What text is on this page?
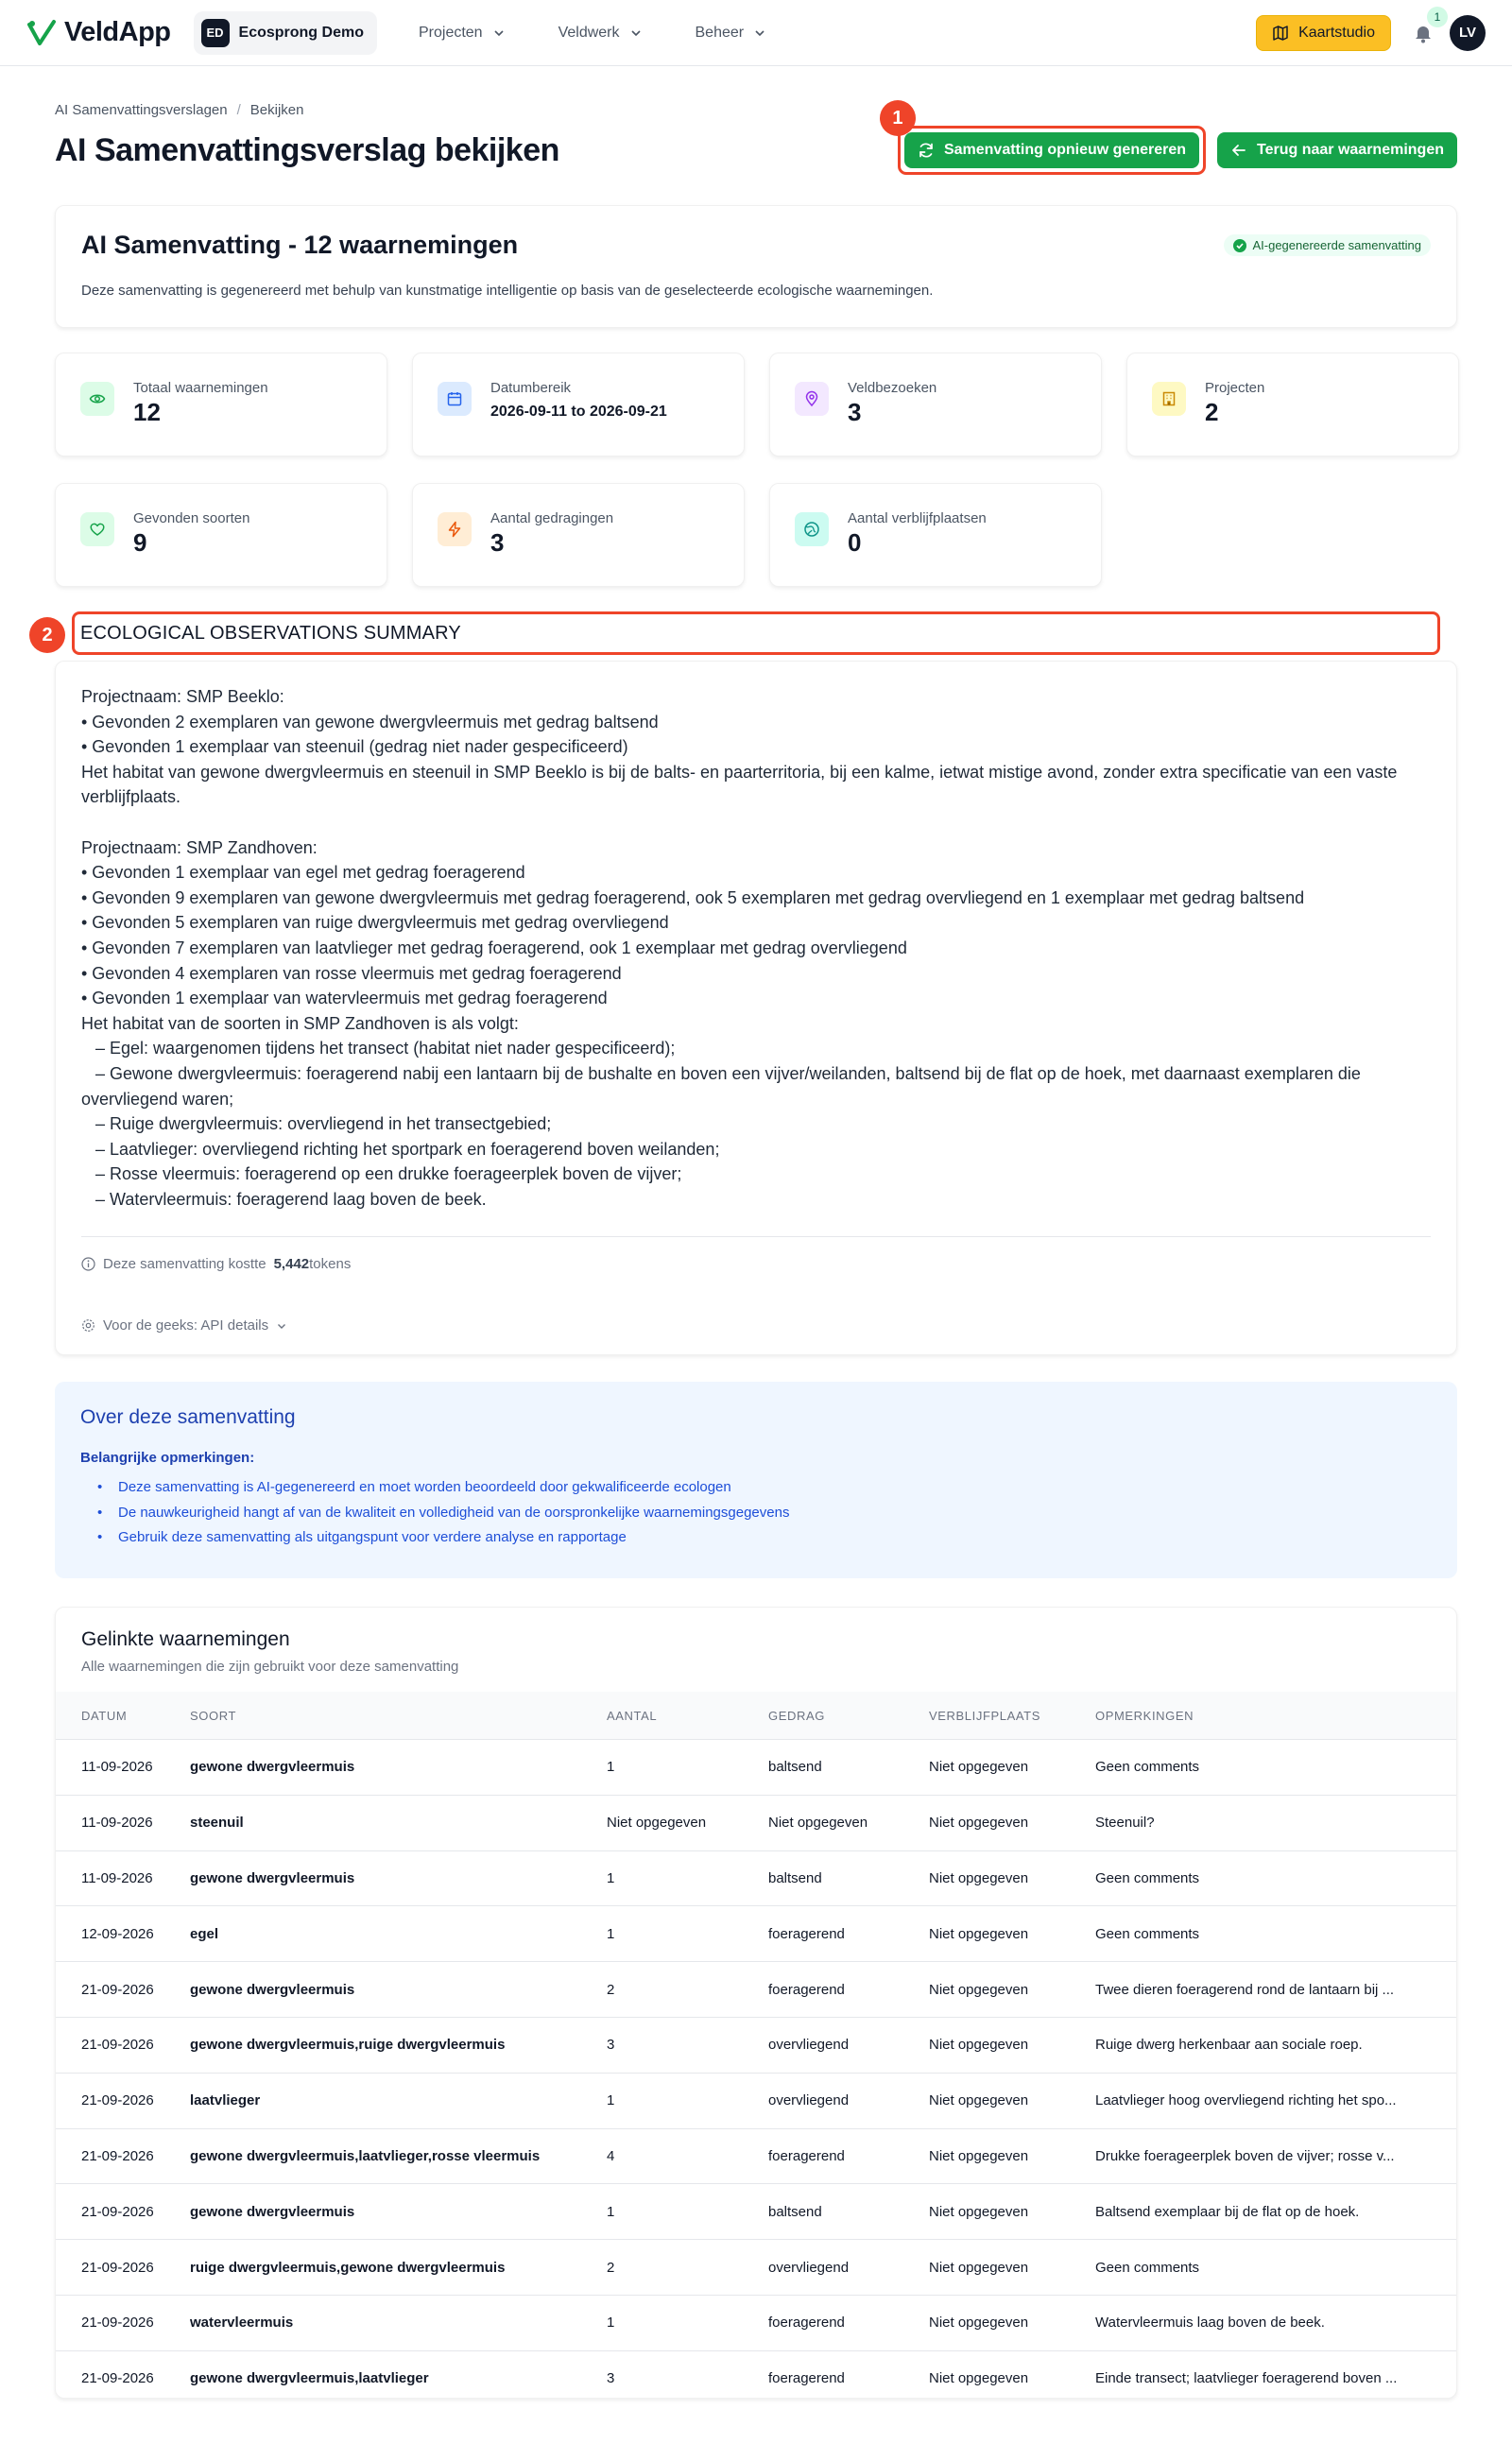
VeldApp	ED Ecosprong Demo	Projecten	Veldwerk	Beheer	Kaartstudio
1
LV
AI Samenvattingsverslagen / Bekijken
AI Samenvattingsverslag bekijken
1
Samenvatting opnieuw genereren	Terug naar waarnemingen
AI Samenvatting - 12 waarnemingen	AI-gegenereerde samenvatting

Deze samenvatting is gegenereerd met behulp van kunstmatige intelligentie op basis van de geselecteerde ecologische waarnemingen.

Totaal waarnemingen
12
Datumbereik
2026-09-11 to 2026-09-21
Veldbezoeken
3
Projecten
2
Gevonden soorten
9
Aantal gedragingen
3
Aantal verblijfplaatsen
0
2	ECOLOGICAL OBSERVATIONS SUMMARY
Projectnaam: SMP Beeklo:
• Gevonden 2 exemplaren van gewone dwergvleermuis met gedrag baltsend
• Gevonden 1 exemplaar van steenuil (gedrag niet nader gespecificeerd)
Het habitat van gewone dwergvleermuis en steenuil in SMP Beeklo is bij de balts- en paarterritoria, bij een kalme, ietwat mistige avond, zonder extra specificatie van een vaste verblijfplaats.
Projectnaam: SMP Zandhoven:
• Gevonden 1 exemplaar van egel met gedrag foeragerend
• Gevonden 9 exemplaren van gewone dwergvleermuis met gedrag foeragerend, ook 5 exemplaren met gedrag overvliegend en 1 exemplaar met gedrag baltsend
• Gevonden 5 exemplaren van ruige dwergvleermuis met gedrag overvliegend
• Gevonden 7 exemplaren van laatvlieger met gedrag foeragerend, ook 1 exemplaar met gedrag overvliegend
• Gevonden 4 exemplaren van rosse vleermuis met gedrag foeragerend
• Gevonden 1 exemplaar van watervleermuis met gedrag foeragerend
Het habitat van de soorten in SMP Zandhoven is als volgt:
– Egel: waargenomen tijdens het transect (habitat niet nader gespecificeerd);
– Gewone dwergvleermuis: foeragerend nabij een lantaarn bij de bushalte en boven een vijver/weilanden, baltsend bij de flat op de hoek, met daarnaast exemplaren die overvliegend waren;
– Ruige dwergvleermuis: overvliegend in het transectgebied;
– Laatvlieger: overvliegend richting het sportpark en foeragerend boven weilanden;
– Rosse vleermuis: foeragerend op een drukke foerageerplek boven de vijver;
– Watervleermuis: foeragerend laag boven de beek.
Deze samenvatting kostte 5,442 tokens
Voor de geeks: API details
Over deze samenvatting

Belangrijke opmerkingen:

• Deze samenvatting is AI-gegenereerd en moet worden beoordeeld door gekwalificeerde ecologen
• De nauwkeurigheid hangt af van de kwaliteit en volledigheid van de oorspronkelijke waarnemingsgegevens
• Gebruik deze samenvatting als uitgangspunt voor verdere analyse en rapportage
Gelinkte waarnemingen

Alle waarnemingen die zijn gebruikt voor deze samenvatting

DATUM	SOORT	AANTAL	GEDRAG	VERBLIJFPLAATS	OPMERKINGEN
11-09-2026	gewone dwergvleermuis	1	baltsend	Niet opgegeven	Geen comments
11-09-2026	steenuil	Niet opgegeven	Niet opgegeven	Niet opgegeven	Steenuil?
11-09-2026	gewone dwergvleermuis	1	baltsend	Niet opgegeven	Geen comments
12-09-2026	egel	1	foeragerend	Niet opgegeven	Geen comments
21-09-2026	gewone dwergvleermuis	2	foeragerend	Niet opgegeven	Twee dieren foeragerend rond de lantaarn bij ...
21-09-2026	gewone dwergvleermuis,ruige dwergvleermuis	3	overvliegend	Niet opgegeven	Ruige dwerg herkenbaar aan sociale roep.
21-09-2026	laatvlieger	1	overvliegend	Niet opgegeven	Laatvlieger hoog overvliegend richting het spo...
21-09-2026	gewone dwergvleermuis,laatvlieger,rosse vleermuis	4	foeragerend	Niet opgegeven	Drukke foerageerplek boven de vijver; rosse v...
21-09-2026	gewone dwergvleermuis	1	baltsend	Niet opgegeven	Baltsend exemplaar bij de flat op de hoek.
21-09-2026	ruige dwergvleermuis,gewone dwergvleermuis	2	overvliegend	Niet opgegeven	Geen comments
21-09-2026	watervleermuis	1	foeragerend	Niet opgegeven	Watervleermuis laag boven de beek.
21-09-2026	gewone dwergvleermuis,laatvlieger	3	foeragerend	Niet opgegeven	Einde transect; laatvlieger foeragerend boven ...
